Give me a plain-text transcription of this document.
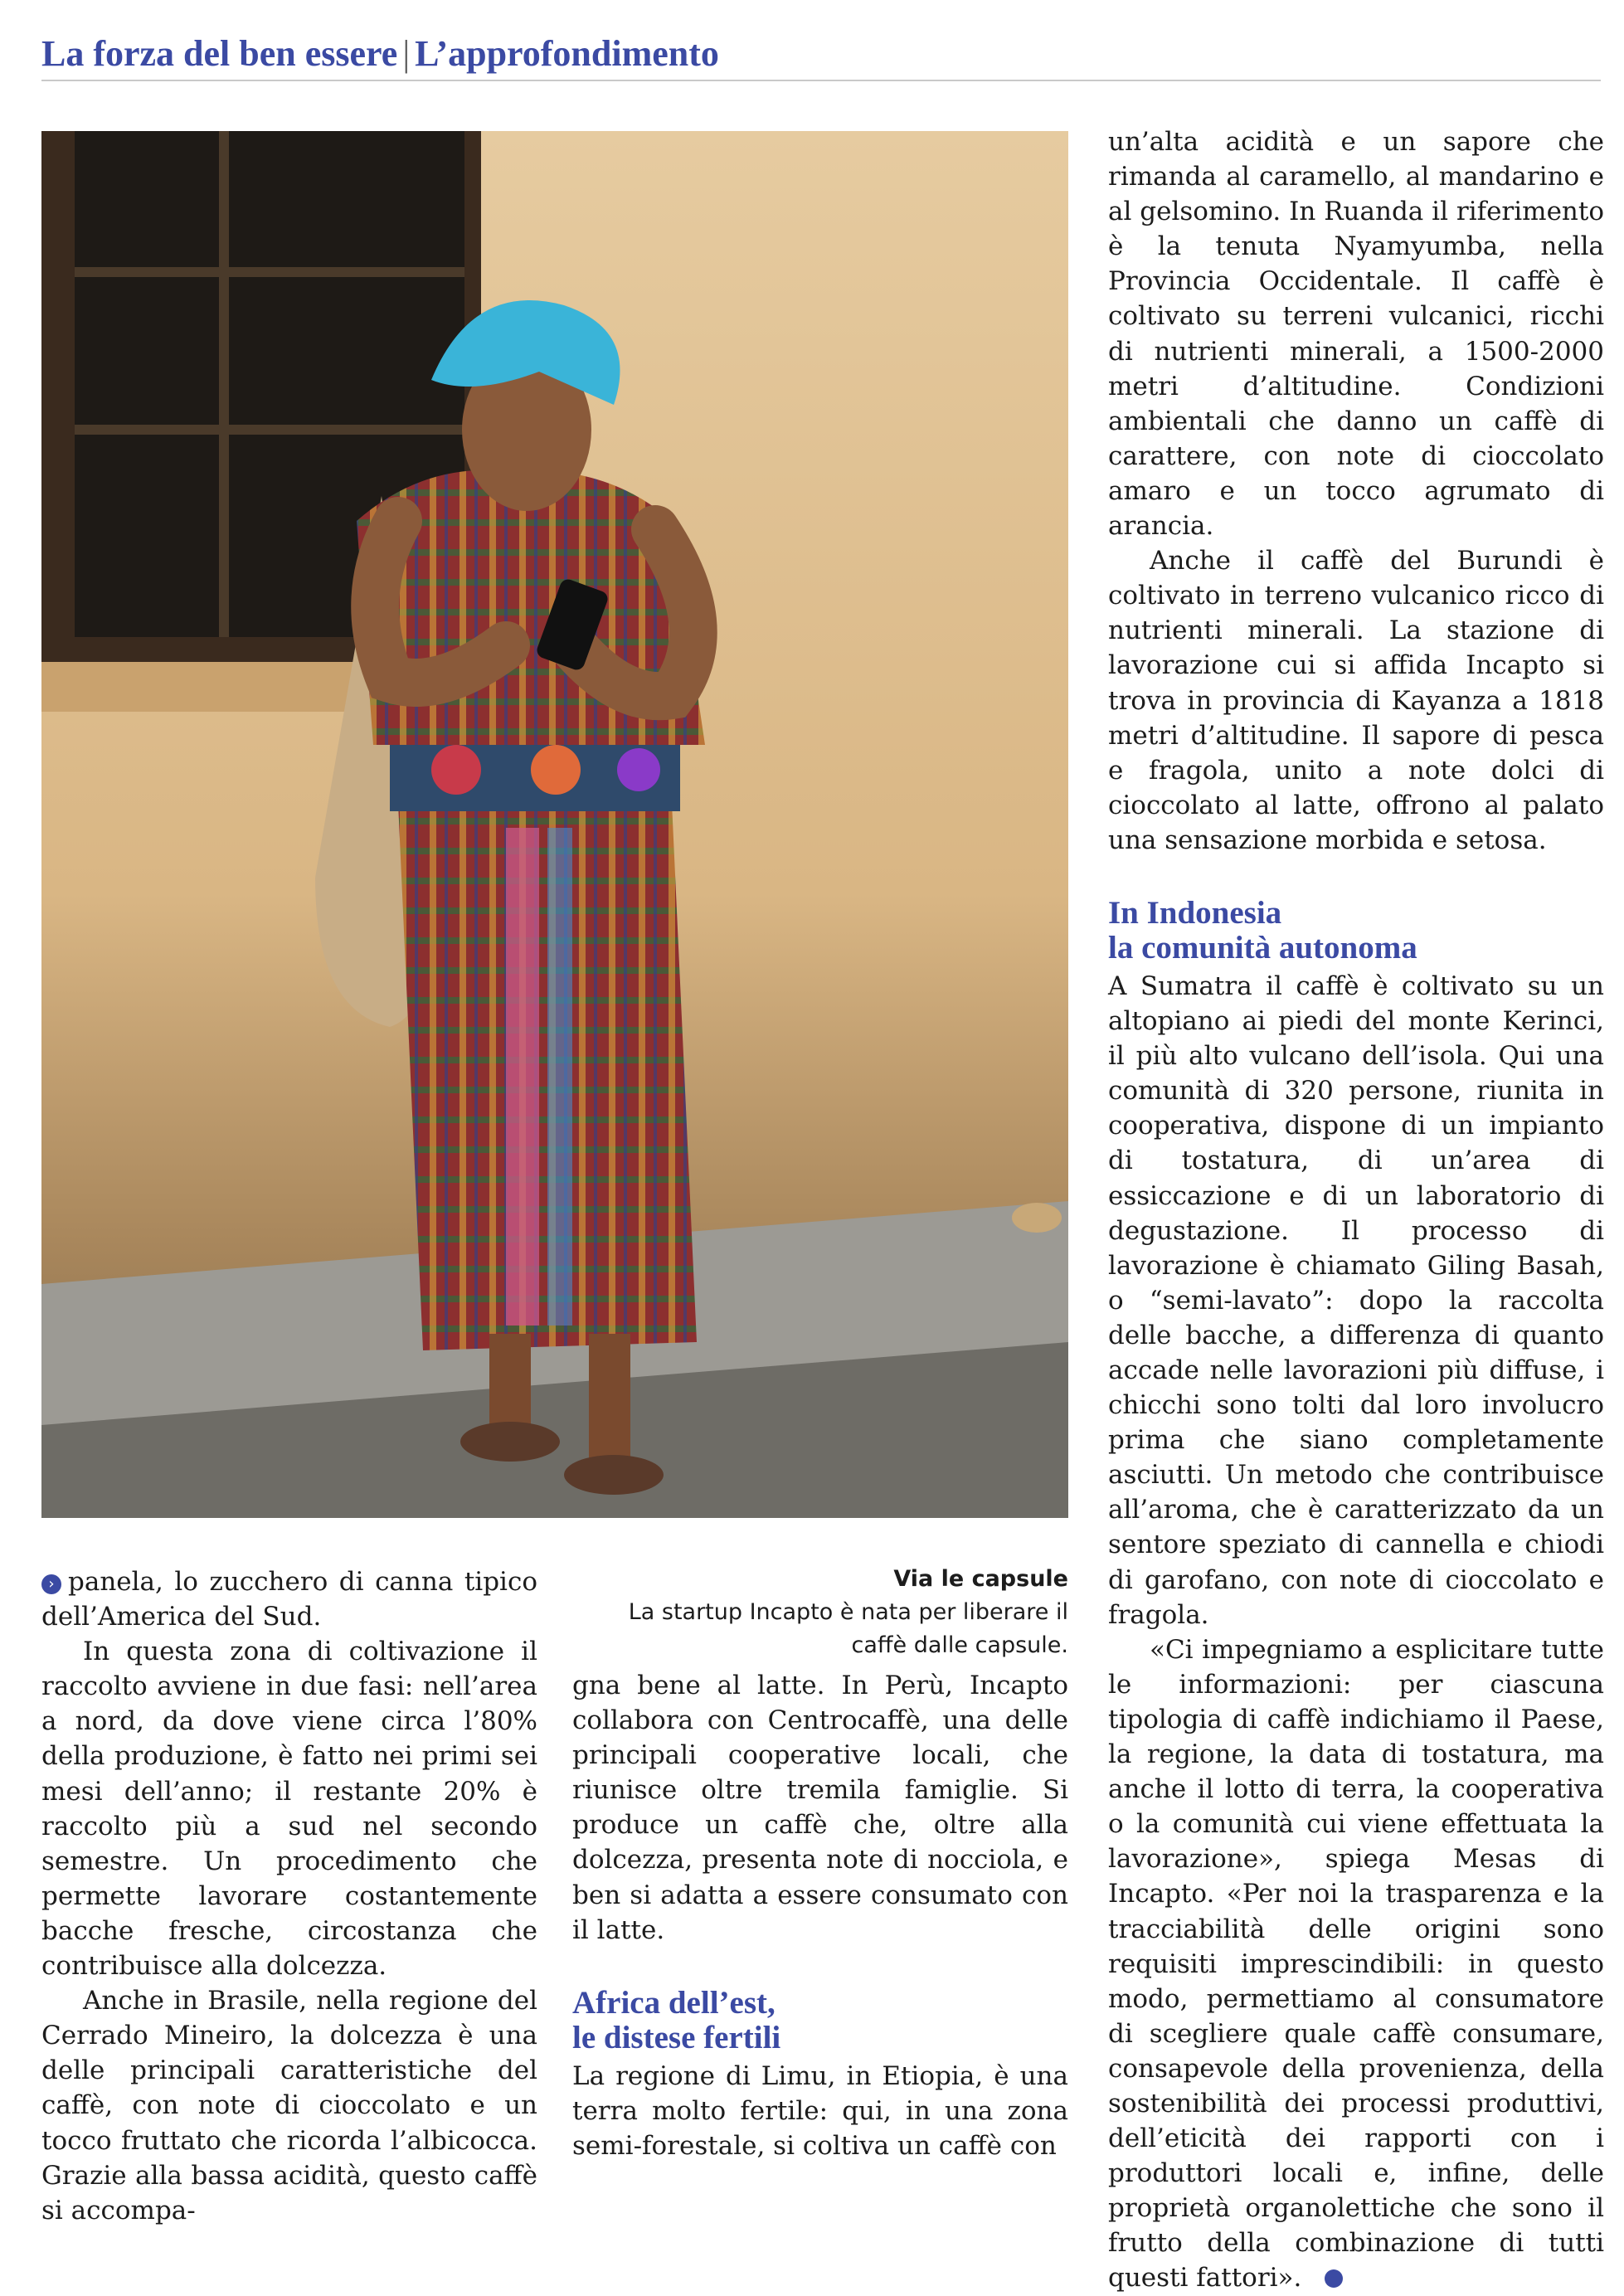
La forza del ben essere | L’approfondimento
Via le capsule
La startup Incapto è nata per liberare il caffè dalle capsule.

› panela, lo zucchero di canna tipico dell’America del Sud.

In questa zona di coltivazione il raccolto avviene in due fasi: nell’area a nord, da dove viene circa l’80% della produzione, è fatto nei primi sei mesi dell’anno; il restante 20% è raccolto più a sud nel secondo semestre. Un procedimento che permette lavorare costantemente bacche fresche, circostanza che contribuisce alla dolcezza.

Anche in Brasile, nella regione del Cerrado Mineiro, la dolcezza è una delle principali caratteristiche del caffè, con note di cioccolato e un tocco fruttato che ricorda l’albicocca. Grazie alla bassa acidità, questo caffè si accompa-

gna bene al latte. In Perù, Incapto collabora con Centrocaffè, una delle principali cooperative locali, che riunisce oltre tremila famiglie. Si produce un caffè che, oltre alla dolcezza, presenta note di nocciola, e ben si adatta a essere consumato con il latte.

Africa dell’est,
le distese fertili

La regione di Limu, in Etiopia, è una terra molto fertile: qui, in una zona semi-forestale, si coltiva un caffè con

un’alta acidità e un sapore che rimanda al caramello, al mandarino e al gelsomino. In Ruanda il riferimento è la tenuta Nyamyumba, nella Provincia Occidentale. Il caffè è coltivato su terreni vulcanici, ricchi di nutrienti minerali, a 1500-2000 metri d’altitudine. Condizioni ambientali che danno un caffè di carattere, con note di cioccolato amaro e un tocco agrumato di arancia.

Anche il caffè del Burundi è coltivato in terreno vulcanico ricco di nutrienti minerali. La stazione di lavorazione cui si affida Incapto si trova in provincia di Kayanza a 1818 metri d’altitudine. Il sapore di pesca e fragola, unito a note dolci di cioccolato al latte, offrono al palato una sensazione morbida e setosa.

In Indonesia
la comunità autonoma

A Sumatra il caffè è coltivato su un altopiano ai piedi del monte Kerinci, il più alto vulcano dell’isola. Qui una comunità di 320 persone, riunita in cooperativa, dispone di un impianto di tostatura, di un’area di essiccazione e di un laboratorio di degustazione. Il processo di lavorazione è chiamato Giling Basah, o “semi-lavato”: dopo la raccolta delle bacche, a differenza di quanto accade nelle lavorazioni più diffuse, i chicchi sono tolti dal loro involucro prima che siano completamente asciutti. Un metodo che contribuisce all’aroma, che è caratterizzato da un sentore speziato di cannella e chiodi di garofano, con note di cioccolato e fragola.

«Ci impegniamo a esplicitare tutte le informazioni: per ciascuna tipologia di caffè indichiamo il Paese, la regione, la data di tostatura, ma anche il lotto di terra, la cooperativa o la comunità cui viene effettuata la lavorazione», spiega Mesas di Incapto. «Per noi la trasparenza e la tracciabilità delle origini sono requisiti imprescindibili: in questo modo, permettiamo al consumatore di scegliere quale caffè consumare, consapevole della provenienza, della sostenibilità dei processi produttivi, dell’eticità dei rapporti con i produttori locali e, infine, delle proprietà organolettiche che sono il frutto della combinazione di tutti questi fattori».
